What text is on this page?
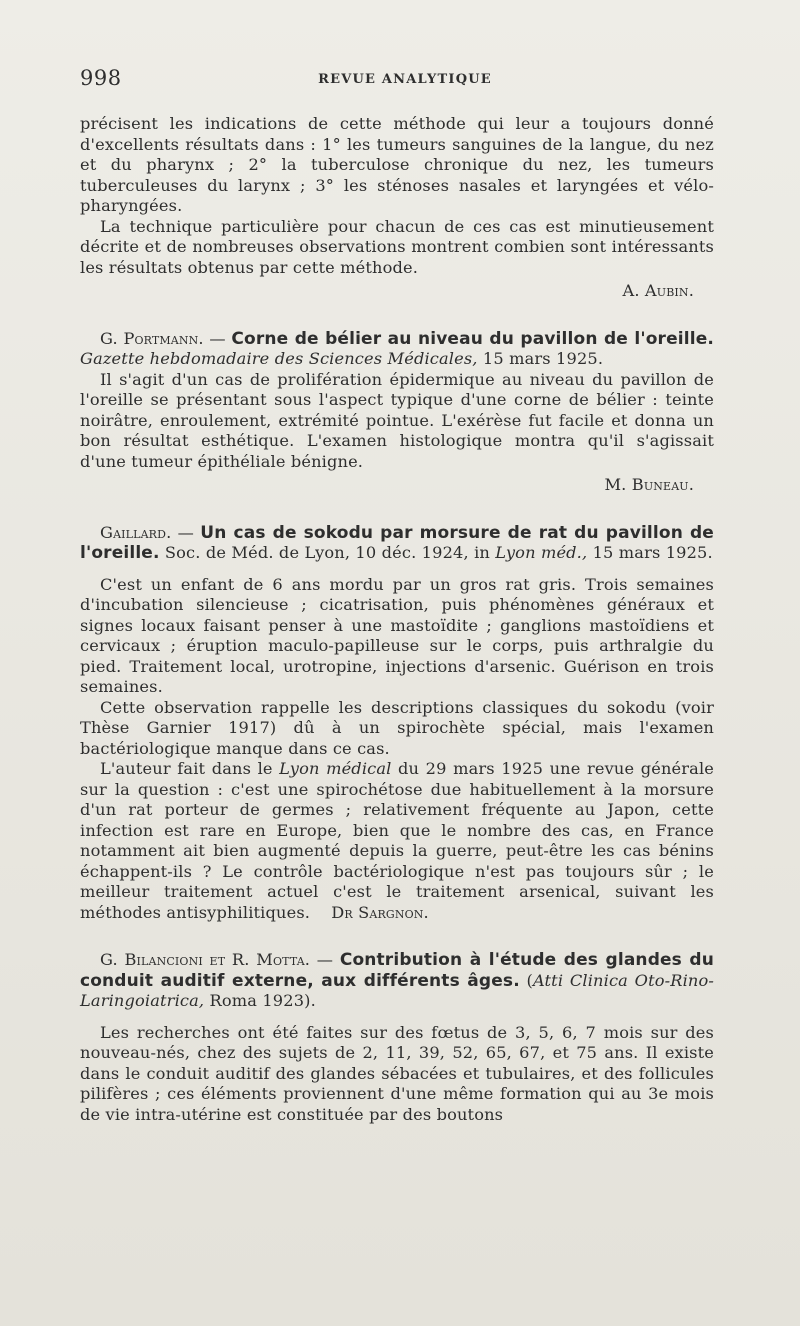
998	REVUE ANALYTIQUE

précisent les indications de cette méthode qui leur a toujours donné d'excellents résultats dans : 1° les tumeurs sanguines de la langue, du nez et du pharynx ; 2° la tuberculose chronique du nez, les tumeurs tuberculeuses du larynx ; 3° les sténoses nasales et laryngées et vélo-pharyngées.

La technique particulière pour chacun de ces cas est minutieusement décrite et de nombreuses observations montrent combien sont intéressants les résultats obtenus par cette méthode.

A. Aubin.

G. Portmann. — Corne de bélier au niveau du pavillon de l'oreille. Gazette hebdomadaire des Sciences Médicales, 15 mars 1925.

Il s'agit d'un cas de prolifération épidermique au niveau du pavillon de l'oreille se présentant sous l'aspect typique d'une corne de bélier : teinte noirâtre, enroulement, extrémité pointue. L'exérèse fut facile et donna un bon résultat esthétique. L'examen histologique montra qu'il s'agissait d'une tumeur épithéliale bénigne.

M. Buneau.

Gaillard. — Un cas de sokodu par morsure de rat du pavillon de l'oreille. Soc. de Méd. de Lyon, 10 déc. 1924, in Lyon méd., 15 mars 1925.

C'est un enfant de 6 ans mordu par un gros rat gris. Trois semaines d'incubation silencieuse ; cicatrisation, puis phénomènes généraux et signes locaux faisant penser à une mastoïdite ; ganglions mastoïdiens et cervicaux ; éruption maculo-papilleuse sur le corps, puis arthralgie du pied. Traitement local, urotropine, injections d'arsenic. Guérison en trois semaines.

Cette observation rappelle les descriptions classiques du sokodu (voir Thèse Garnier 1917) dû à un spirochète spécial, mais l'examen bactériologique manque dans ce cas.

L'auteur fait dans le Lyon médical du 29 mars 1925 une revue générale sur la question : c'est une spirochétose due habituellement à la morsure d'un rat porteur de germes ; relativement fréquente au Japon, cette infection est rare en Europe, bien que le nombre des cas, en France notamment ait bien augmenté depuis la guerre, peut-être les cas bénins échappent-ils ? Le contrôle bactériologique n'est pas toujours sûr ; le meilleur traitement actuel c'est le traitement arsenical, suivant les méthodes antisyphilitiques. Dr Sargnon.

G. Bilancioni et R. Motta. — Contribution à l'étude des glandes du conduit auditif externe, aux différents âges. (Atti Clinica Oto-Rino-Laringoiatrica, Roma 1923).

Les recherches ont été faites sur des fœtus de 3, 5, 6, 7 mois sur des nouveau-nés, chez des sujets de 2, 11, 39, 52, 65, 67, et 75 ans. Il existe dans le conduit auditif des glandes sébacées et tubulaires, et des follicules pilifères ; ces éléments proviennent d'une même formation qui au 3e mois de vie intra-utérine est constituée par des boutons
